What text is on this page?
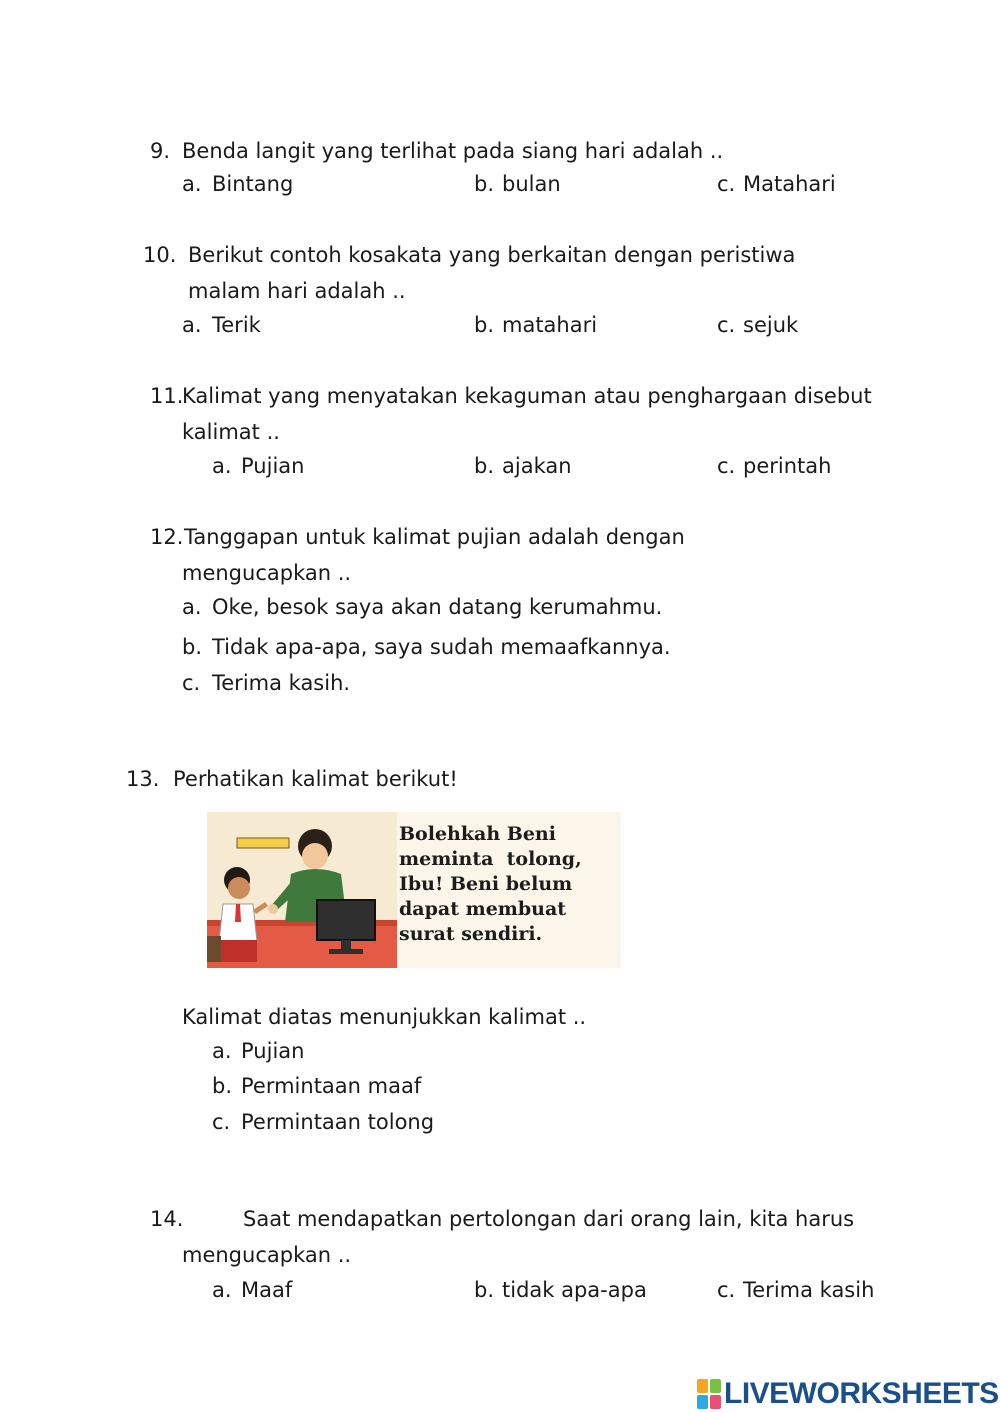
9. Benda langit yang terlihat pada siang hari adalah ..
a. Bintang	b. bulan	c. Matahari
10. Berikut contoh kosakata yang berkaitan dengan peristiwa
malam hari adalah ..
a. Terik	b. matahari	c. sejuk
11.
Kalimat yang menyatakan kekaguman atau penghargaan disebut
kalimat ..
a. Pujian	b. ajakan	c. perintah
12. Tanggapan untuk kalimat pujian adalah dengan
mengucapkan ..
a. Oke, besok saya akan datang kerumahmu.
b. Tidak apa-apa, saya sudah memaafkannya.
c. Terima kasih.
13. Perhatikan kalimat berikut!
Bolehkah Beni
meminta  tolong,
Ibu! Beni belum
dapat membuat
surat sendiri.
Kalimat diatas menunjukkan kalimat ..
a. Pujian
b. Permintaan maaf
c. Permintaan tolong
14.	Saat mendapatkan pertolongan dari orang lain, kita harus
mengucapkan ..
a. Maaf	b. tidak apa-apa	c. Terima kasih
LIVEWORKSHEETS
